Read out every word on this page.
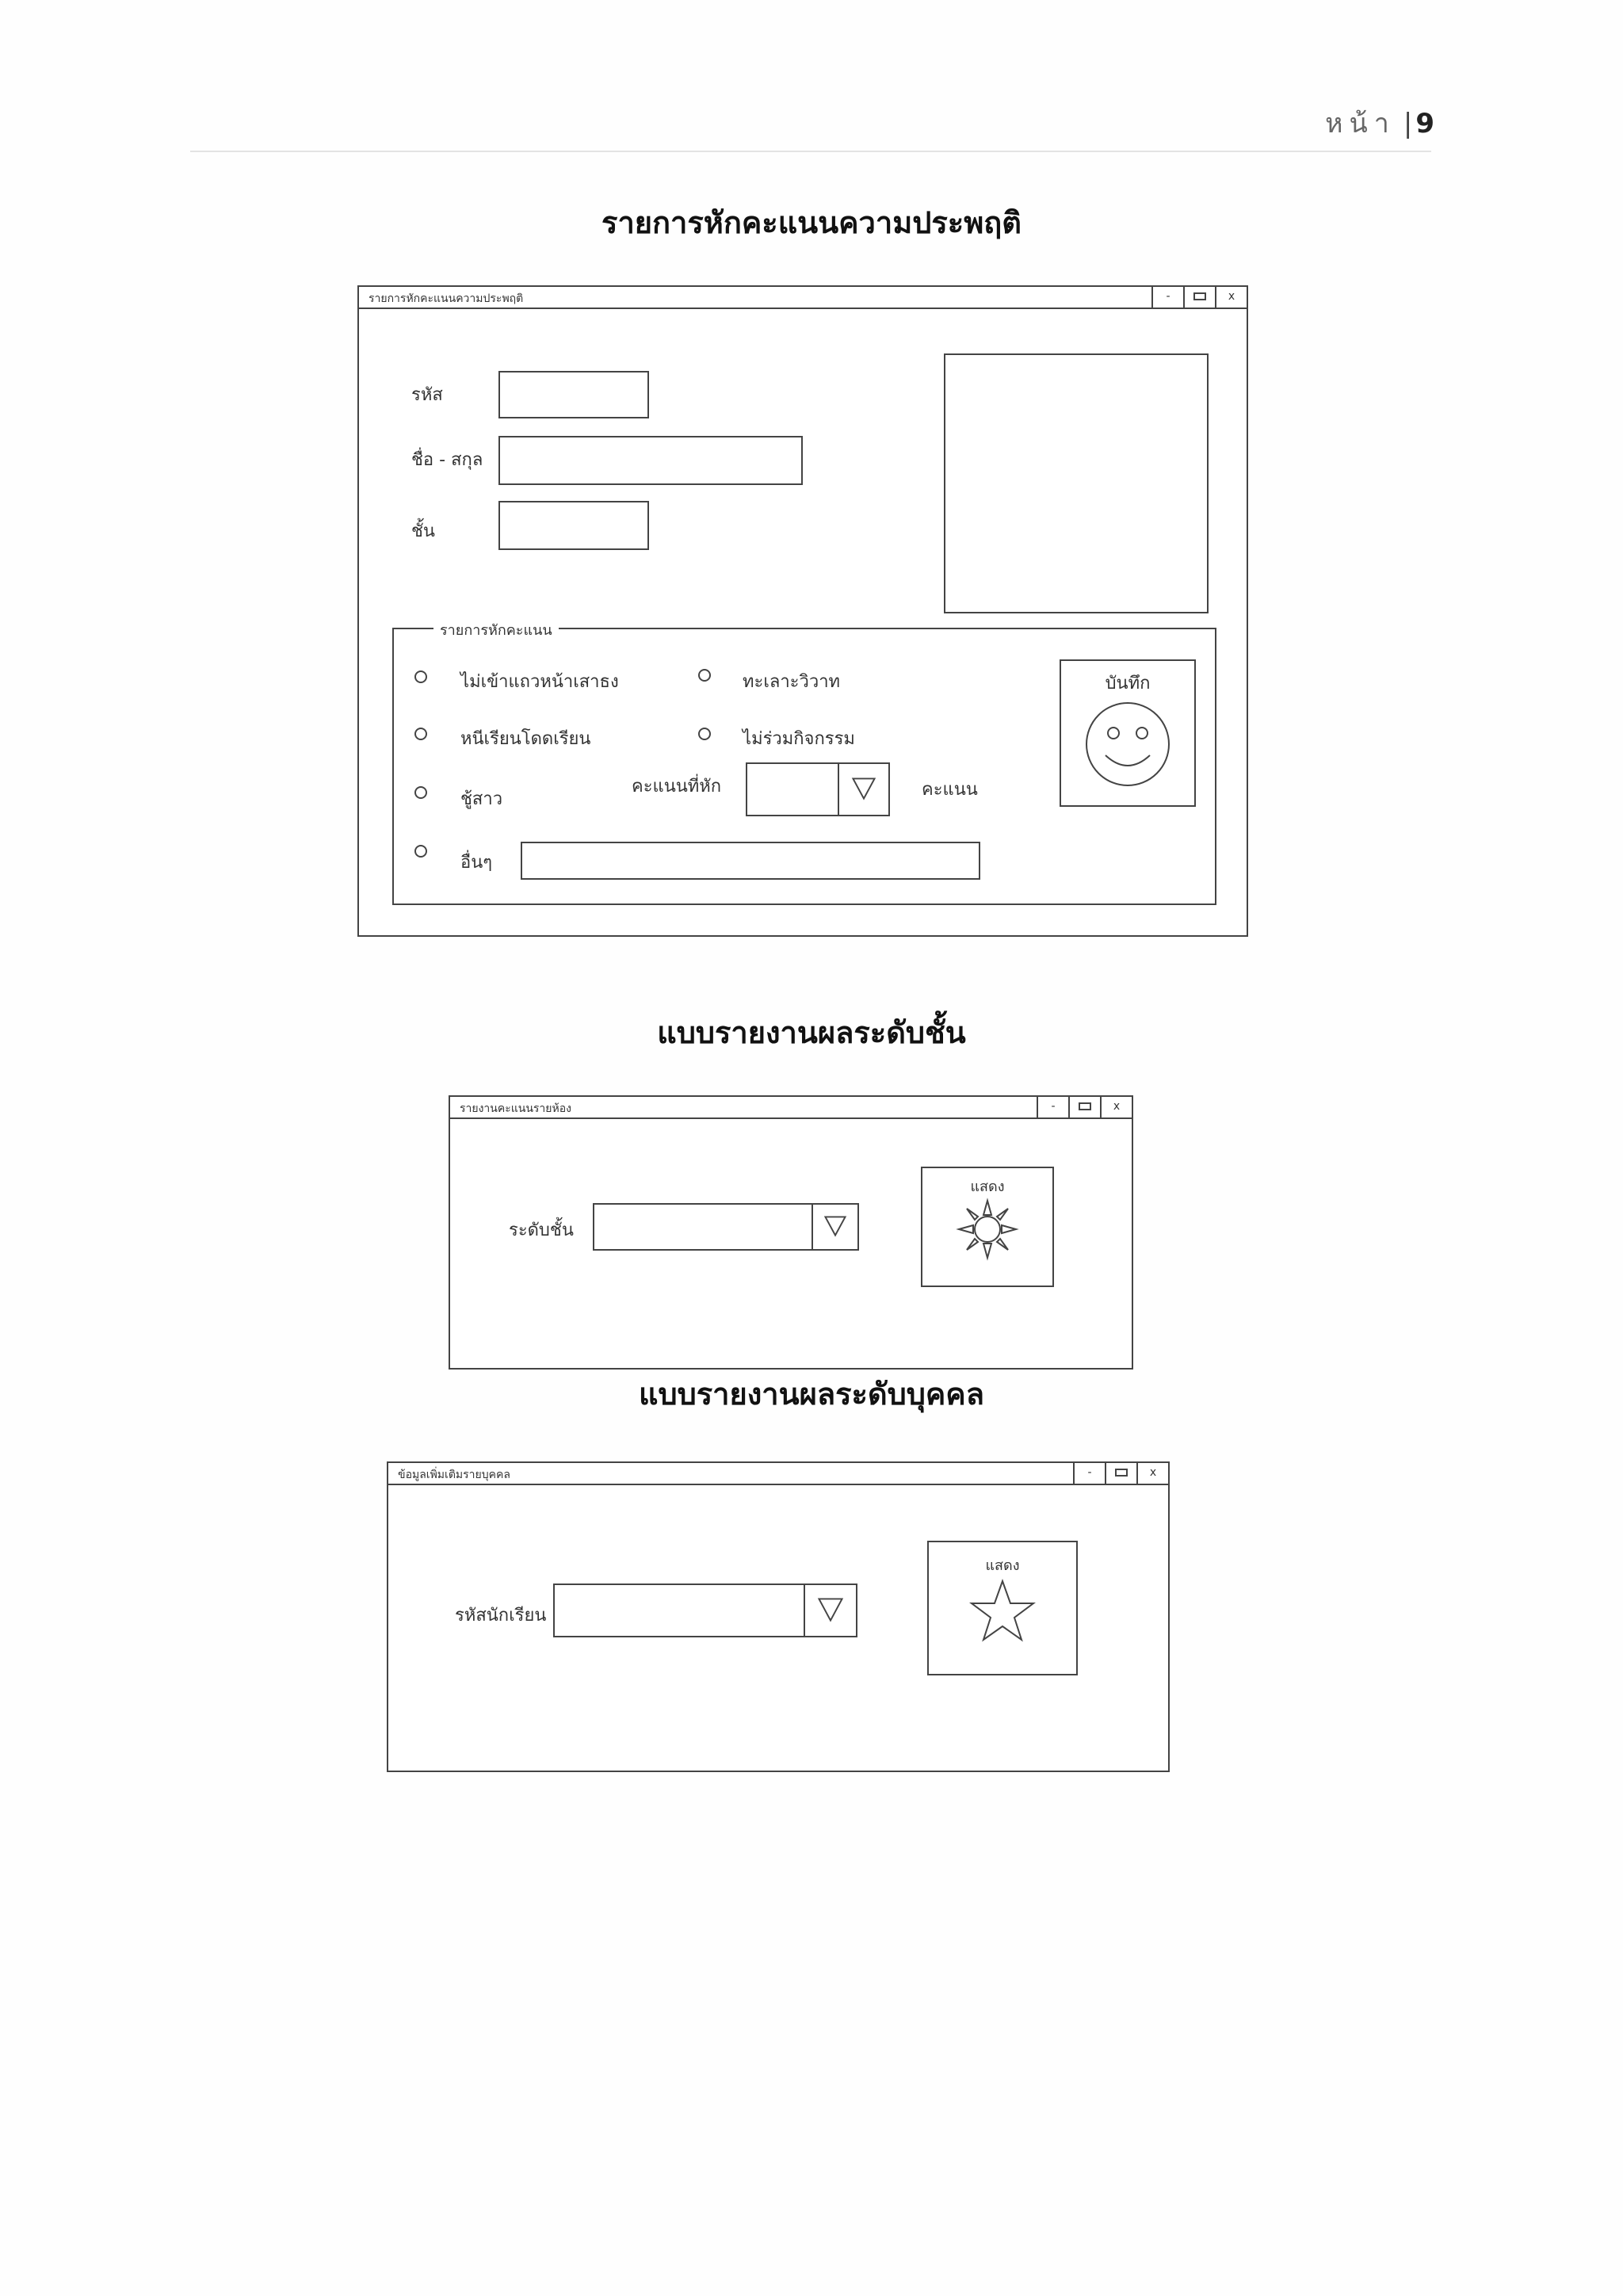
หน้า | 9
รายการหักคะแนนความประพฤติ
รายการหักคะแนนความประพฤติ	-	x
รหัส
ชื่อ - สกุล
ชั้น
รายการหักคะแนน
ไม่เข้าแถวหน้าเสาธง
หนีเรียนโดดเรียน
ชู้สาว
อื่นๆ
ทะเลาะวิวาท
ไม่ร่วมกิจกรรม
คะแนนที่หัก	คะแนน
บันทึก
แบบรายงานผลระดับชั้น
รายงานคะแนนรายห้อง	-	x
ระดับชั้น
แสดง
แบบรายงานผลระดับบุคคล
ข้อมูลเพิ่มเติมรายบุคคล	-	x
รหัสนักเรียน
แสดง
